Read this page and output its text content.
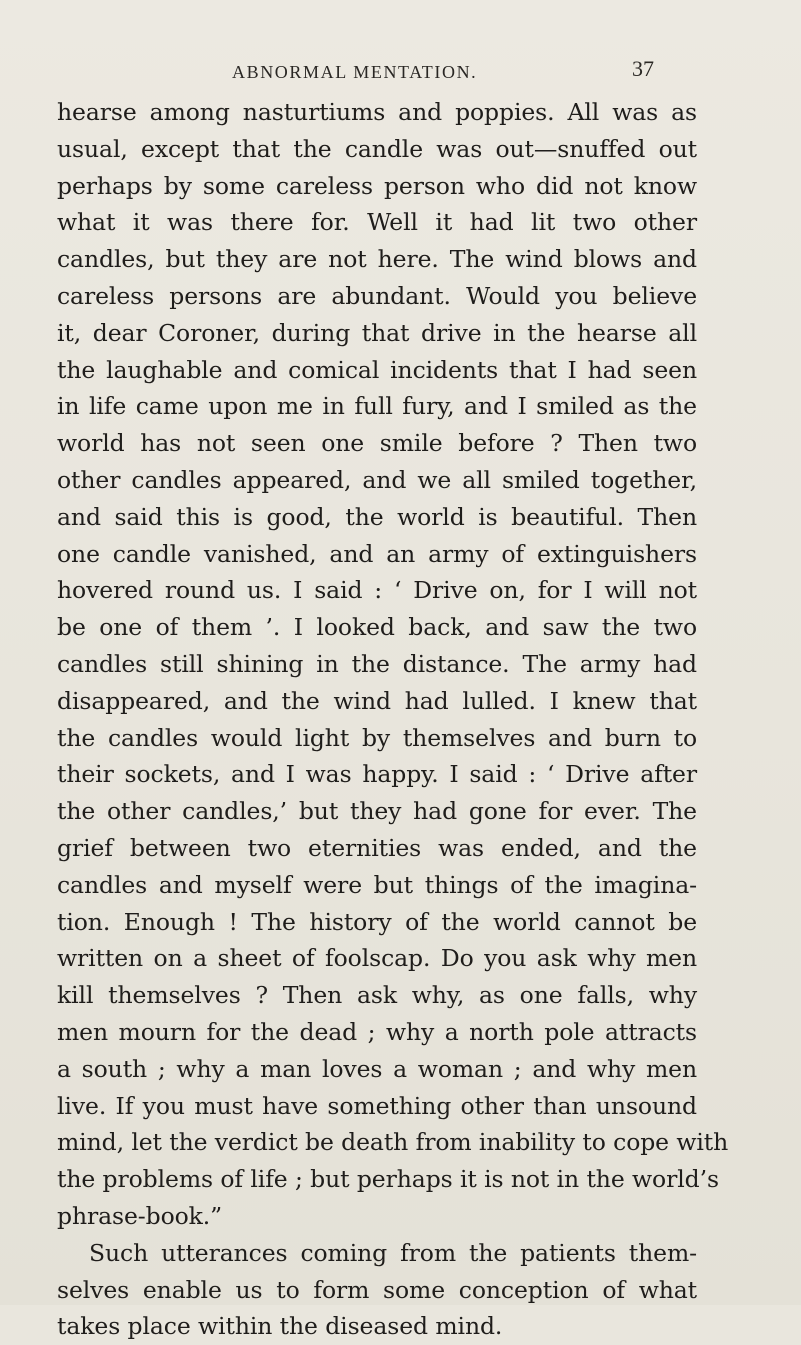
ABNORMAL MENTATION.	37
hearse among nasturtiums and poppies. All was as
usual, except that the candle was out—snuffed out
perhaps by some careless person who did not know
what it was there for. Well it had lit two other
candles, but they are not here. The wind blows and
careless persons are abundant. Would you believe
it, dear Coroner, during that drive in the hearse all
the laughable and comical incidents that I had seen
in life came upon me in full fury, and I smiled as the
world has not seen one smile before ? Then two
other candles appeared, and we all smiled together,
and said this is good, the world is beautiful. Then
one candle vanished, and an army of extinguishers
hovered round us. I said : ‘ Drive on, for I will not
be one of them ’. I looked back, and saw the two
candles still shining in the distance. The army had
disappeared, and the wind had lulled. I knew that
the candles would light by themselves and burn to
their sockets, and I was happy. I said : ‘ Drive after
the other candles,’ but they had gone for ever. The
grief between two eternities was ended, and the
candles and myself were but things of the imagina-
tion. Enough ! The history of the world cannot be
written on a sheet of foolscap. Do you ask why men
kill themselves ? Then ask why, as one falls, why
men mourn for the dead ; why a north pole attracts
a south ; why a man loves a woman ; and why men
live. If you must have something other than unsound
mind, let the verdict be death from inability to cope with
the problems of life ; but perhaps it is not in the world’s
phrase-book.”
Such utterances coming from the patients them-
selves enable us to form some conception of what
takes place within the diseased mind.
